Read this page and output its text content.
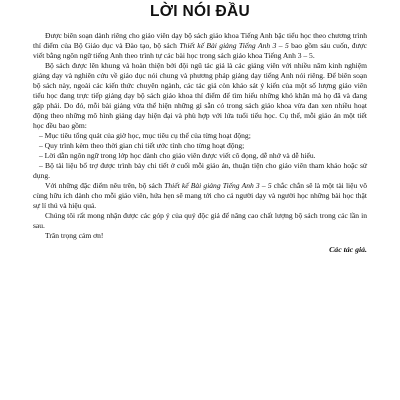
LỜI NÓI ĐẦU

Được biên soạn dành riêng cho giáo viên dạy bộ sách giáo khoa Tiếng Anh bậc tiểu học theo chương trình thí điểm của Bộ Giáo dục và Đào tạo, bộ sách Thiết kế Bài giảng Tiếng Anh 3 – 5 bao gồm sáu cuốn, được viết bằng ngôn ngữ tiếng Anh theo trình tự các bài học trong sách giáo khoa Tiếng Anh 3 – 5.

Bộ sách được lên khung và hoàn thiện bởi đội ngũ tác giả là các giảng viên với nhiều năm kinh nghiệm giảng dạy và nghiên cứu về giáo dục nói chung và phương pháp giảng dạy tiếng Anh nói riêng. Để biên soạn bộ sách này, ngoài các kiến thức chuyên ngành, các tác giả còn khảo sát ý kiến của một số lượng giáo viên tiểu học đang trực tiếp giảng dạy bộ sách giáo khoa thí điểm để tìm hiểu những khó khăn mà họ đã và đang gặp phải. Do đó, mỗi bài giảng vừa thể hiện những gì sẵn có trong sách giáo khoa vừa đan xen nhiều hoạt động theo những mô hình giảng dạy hiện đại và phù hợp với lứa tuổi tiểu học. Cụ thể, mỗi giáo án một tiết học đều bao gồm:

– Mục tiêu tổng quát của giờ học, mục tiêu cụ thể của từng hoạt động;

– Quy trình kèm theo thời gian chi tiết ước tính cho từng hoạt động;

– Lời dẫn ngôn ngữ trong lớp học dành cho giáo viên được viết cô đọng, dễ nhớ và dễ hiểu.

– Bộ tài liệu bổ trợ được trình bày chi tiết ở cuối mỗi giáo án, thuận tiện cho giáo viên tham khảo hoặc sử dụng.

Với những đặc điểm nêu trên, bộ sách Thiết kế Bài giảng Tiếng Anh 3 – 5 chắc chắn sẽ là một tài liệu vô cùng hữu ích dành cho mỗi giáo viên, hứa hẹn sẽ mang tới cho cả người dạy và người học những bài học thật sự lí thú và hiệu quả.

Chúng tôi rất mong nhận được các góp ý của quý độc giả để nâng cao chất lượng bộ sách trong các lần in sau.

Trân trọng cảm ơn!

Các tác giả.
